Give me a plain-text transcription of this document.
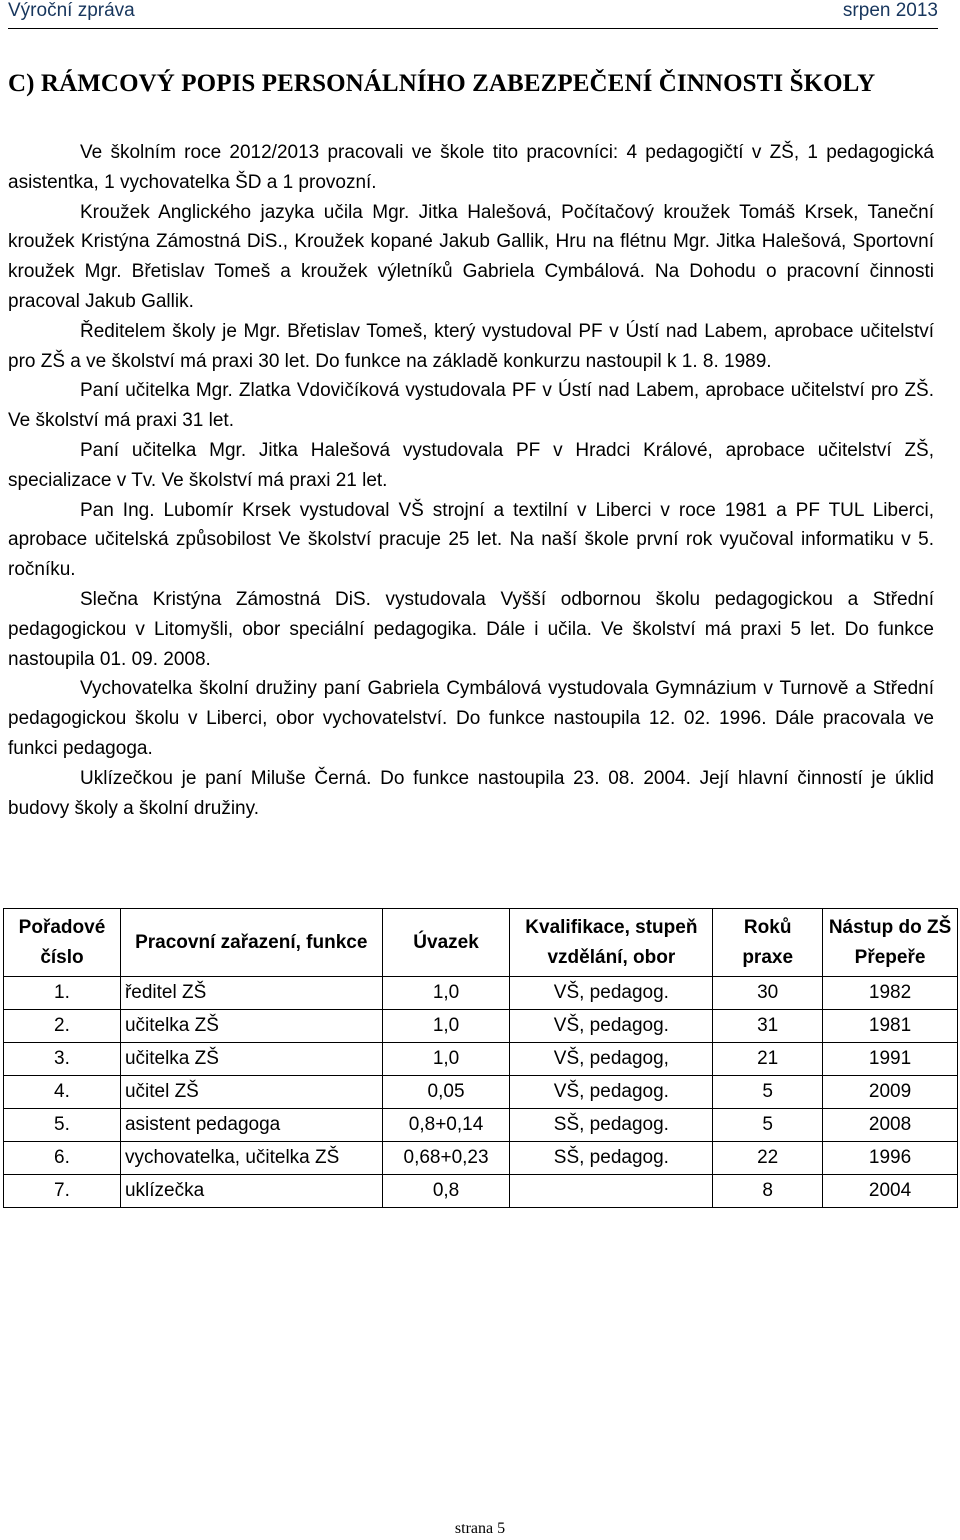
Výroční zpráva	srpen 2013
C) RÁMCOVÝ POPIS PERSONÁLNÍHO ZABEZPEČENÍ ČINNOSTI ŠKOLY

Ve školním roce 2012/2013 pracovali ve škole tito pracovníci: 4 pedagogičtí v ZŠ, 1 pedagogická asistentka, 1 vychovatelka ŠD a 1 provozní.

Kroužek Anglického jazyka učila Mgr. Jitka Halešová, Počítačový kroužek Tomáš Krsek, Taneční kroužek Kristýna Zámostná DiS., Kroužek kopané Jakub Gallik, Hru na flétnu Mgr. Jitka Halešová, Sportovní kroužek Mgr. Břetislav Tomeš a kroužek výletníků Gabriela Cymbálová. Na Dohodu o pracovní činnosti pracoval Jakub Gallik.

Ředitelem školy je Mgr. Břetislav Tomeš, který vystudoval PF v Ústí nad Labem, aprobace učitelství pro ZŠ a ve školství má praxi 30 let. Do funkce na základě konkurzu nastoupil k 1. 8. 1989.

Paní učitelka Mgr. Zlatka Vdovičíková vystudovala PF v Ústí nad Labem, aprobace učitelství pro ZŠ. Ve školství má praxi 31 let.

Paní učitelka Mgr. Jitka Halešová vystudovala PF v Hradci Králové, aprobace učitelství ZŠ, specializace v Tv. Ve školství má praxi 21 let.

Pan Ing. Lubomír Krsek vystudoval VŠ strojní a textilní v Liberci v roce 1981 a PF TUL Liberci, aprobace učitelská způsobilost Ve školství pracuje 25 let. Na naší škole první rok vyučoval informatiku v 5. ročníku.

Slečna Kristýna Zámostná DiS. vystudovala Vyšší odbornou školu pedagogickou a Střední pedagogickou v Litomyšli, obor speciální pedagogika. Dále i učila. Ve školství má praxi 5 let. Do funkce nastoupila 01. 09. 2008.

Vychovatelka školní družiny paní Gabriela Cymbálová vystudovala Gymnázium v Turnově a Střední pedagogickou školu v Liberci, obor vychovatelství. Do funkce nastoupila 12. 02. 1996. Dále pracovala ve funkci pedagoga.

Uklízečkou je paní Miluše Černá. Do funkce nastoupila 23. 08. 2004. Její hlavní činností je úklid budovy školy a školní družiny.

Pořadové číslo	Pracovní zařazení, funkce	Úvazek	Kvalifikace, stupeň vzdělání, obor	Roků praxe	Nástup do ZŠ Přepeře
1.	ředitel ZŠ	1,0	VŠ, pedagog.	30	1982
2.	učitelka ZŠ	1,0	VŠ, pedagog.	31	1981
3.	učitelka ZŠ	1,0	VŠ, pedagog,	21	1991
4.	učitel ZŠ	0,05	VŠ, pedagog.	5	2009
5.	asistent pedagoga	0,8+0,14	SŠ, pedagog.	5	2008
6.	vychovatelka, učitelka ZŠ	0,68+0,23	SŠ, pedagog.	22	1996
7.	uklízečka	0,8		8	2004
strana 5
